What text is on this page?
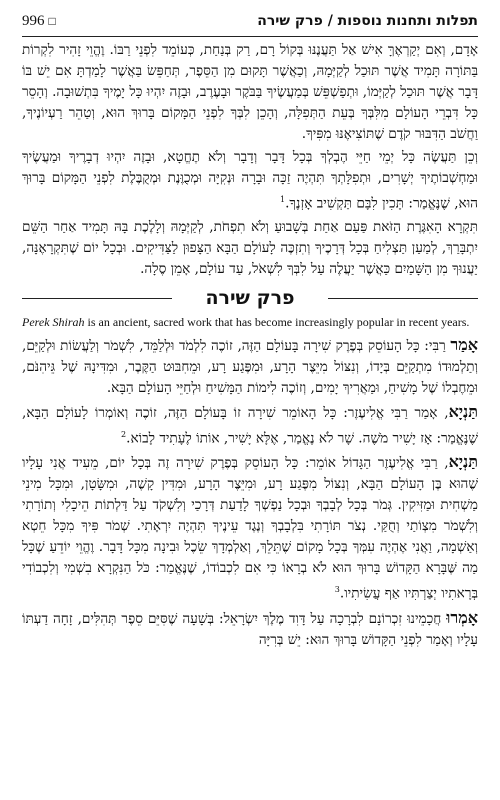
996 □	תפלות ותחנות נוספות / פרק שירה

אָדָם, וְאִם יְקַרְאֶךָּ אִישׁ אַל תַּעֲנֶנּוּ בְּקוֹל רָם, רַק בְּנַחַת, כְּעוֹמֵד לִפְנֵי רַבּוֹ. וֶהֱוֵי זָהִיר לִקְרוֹת בַּתּוֹרָה תָּמִיד אֲשֶׁר תּוּכַל לְקַיְּמָהּ, וְכַאֲשֶׁר תָּקוּם מִן הַסֵּפֶר, תְּחַפֵּשׂ בַּאֲשֶׁר לָמַדְתָּ אִם יֵשׁ בּוֹ דָּבָר אֲשֶׁר תּוּכַל לְקַיְּמוֹ, וּתְפַשְׁפֵּשׁ בְּמַעֲשֶׂיךָ בַּבֹּקֶר וּבָעֶרֶב, וּבָזֶה יִהְיוּ כָּל יָמֶיךָ בִּתְשׁוּבָה. וְהָסֵר כָּל דִּבְרֵי הָעוֹלָם מִלִּבְּךָ בְּעֵת הַתְּפִלָּה, וְהָכֵן לִבְּךָ לִפְנֵי הַמָּקוֹם בָּרוּךְ הוּא, וְטַהֵר רַעְיוֹנֶיךָ, וַחֲשֹׁב הַדִּבּוּר קֹדֶם שֶׁתּוֹצִיאֶנּוּ מִפִּיךָ.

וְכֵן תַּעֲשֶׂה כָּל יְמֵי חַיֵּי הֶבְלְךָ בְּכָל דָּבָר וְדָבָר וְלֹא תֶחֱטָא, וּבָזֶה יִהְיוּ דְבָרֶיךָ וּמַעֲשֶׂיךָ וּמַחְשְׁבוֹתֶיךָ יְשָׁרִים, וּתְפִלָּתְךָ תִּהְיֶה זַכָּה וּבָרָה וּנְקִיָּה וּמְכֻוֶּנֶת וּמְקֻבֶּלֶת לִפְנֵי הַמָּקוֹם בָּרוּךְ הוּא, שֶׁנֶּאֱמַר: תָּכִין לִבָּם תַּקְשִׁיב אָזְנֶךָ.$^1$

תִּקְרָא הָאִגֶּרֶת הַזֹּאת פַּעַם אַחַת בְּשָׁבוּעַ וְלֹא תִפְחֹת, לְקַיְּמָהּ וְלָלֶכֶת בָּהּ תָּמִיד אַחַר הַשֵּׁם יִתְבָּרַךְ, לְמַעַן תַּצְלִיחַ בְּכָל דְּרָכֶיךָ וְתִזְכֶּה לָעוֹלָם הַבָּא הַצָּפוּן לַצַּדִּיקִים. וּבְכָל יוֹם שֶׁתִּקְרָאֶנָּה, יַעֲנוּךָ מִן הַשָּׁמַיִם כַּאֲשֶׁר יַעֲלֶה עַל לִבְּךָ לִשְׁאֹל, עַד עוֹלָם, אָמֵן סֶלָה.

פרק שירה

Perek Shirah is an ancient, sacred work that has become increasingly popular in recent years.

אָמַר רַבִּי: כָּל הָעוֹסֵק בְּפֶרֶק שִׁירָה בָּעוֹלָם הַזֶּה, זוֹכֶה לִלְמֹד וּלְלַמֵּד, לִשְׁמֹר וְלַעֲשׂוֹת וּלְקַיֵּם, וְתַלְמוּדוֹ מִתְקַיֵּם בְּיָדוֹ, וְנִצּוֹל מִיֵּצֶר הָרָע, וּמִפֶּגַע רָע, וּמֵחִבּוּט הַקֶּבֶר, וּמִדִּינָהּ שֶׁל גֵּיהִנֹּם, וּמֵחֶבְלוֹ שֶׁל מָשִׁיחַ, וּמַאֲרִיךְ יָמִים, וְזוֹכֶה לִימוֹת הַמָּשִׁיחַ וּלְחַיֵּי הָעוֹלָם הַבָּא.

תַּנְיָא, אָמַר רַבִּי אֱלִיעֶזֶר: כָּל הָאוֹמֵר שִׁירָה זוֹ בָּעוֹלָם הַזֶּה, זוֹכֶה וְאוֹמְרוֹ לָעוֹלָם הַבָּא, שֶׁנֶּאֱמַר: אָז יָשִׁיר מֹשֶׁה. שָׁר לֹא נֶאֱמַר, אֶלָּא יָשִׁיר, אוֹתוֹ לֶעָתִיד לָבוֹא.$^2$

תַּנְיָא, רַבִּי אֱלִיעֶזֶר הַגָּדוֹל אוֹמֵר: כָּל הָעוֹסֵק בְּפֶרֶק שִׁירָה זֶה בְּכָל יוֹם, מֵעִיד אֲנִי עָלָיו שֶׁהוּא בֶּן הָעוֹלָם הַבָּא, וְנִצּוֹל מִפֶּגַע רָע, וּמִיֵּצֶר הָרָע, וּמִדִּין קָשֶׁה, וּמִשָּׂטָן, וּמִכָּל מִינֵי מַשְׁחִית וּמַזִּיקִין. גְּמֹר בְּכָל לְבָבְךָ וּבְכָל נַפְשְׁךָ לָדַעַת דְּרָכַי וְלִשְׁקֹד עַל דַּלְתוֹת הֵיכָלִי וְתוֹרָתִי וְלִשְׁמֹר מִצְוֹתַי וְחֻקַּי. נְצֹר תּוֹרָתִי בִּלְבָבְךָ וְנֶגֶד עֵינֶיךָ תִּהְיֶה יִרְאָתִי. שְׁמֹר פִּיךָ מִכָּל חֵטְא וְאַשְׁמָה, וַאֲנִי אֶהְיֶה עִמְּךָ בְּכָל מָקוֹם שֶׁתֵּלֵךְ, וְאַלְמְדָךְ שֵׂכֶל וּבִינָה מִכָּל דָּבָר. וֶהֱוֵי יוֹדֵעַ שֶׁכָּל מַה שֶּׁבָּרָא הַקָּדוֹשׁ בָּרוּךְ הוּא לֹא בְרָאוֹ כִּי אִם לִכְבוֹדוֹ, שֶׁנֶּאֱמַר: כֹּל הַנִּקְרָא בִשְׁמִי וְלִכְבוֹדִי בְּרָאתִיו יְצַרְתִּיו אַף עֲשִׂיתִיו.$^3$

אָמְרוּ חֲכָמֵינוּ זִכְרוֹנָם לִבְרָכָה עַל דָּוִד מֶלֶךְ יִשְׂרָאֵל: בְּשָׁעָה שֶׁסִּיֵּם סֵפֶר תְּהִלִּים, זָחָה דַעְתּוֹ עָלָיו וְאָמַר לִפְנֵי הַקָּדוֹשׁ בָּרוּךְ הוּא: יֵשׁ בְּרִיָּה
